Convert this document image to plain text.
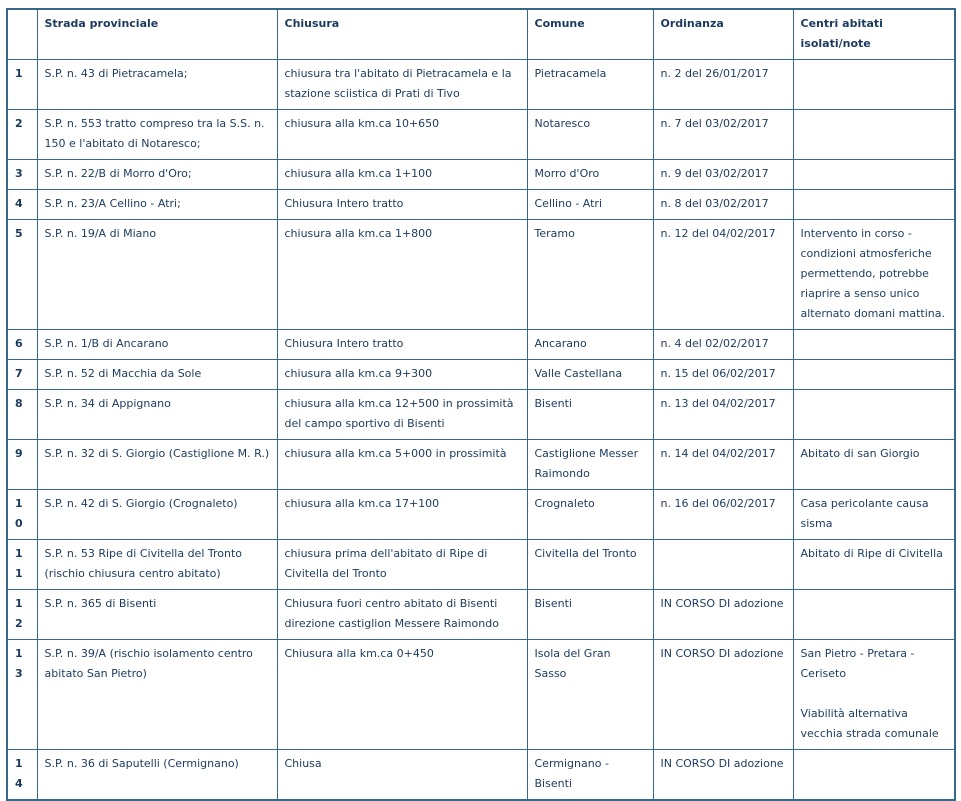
	Strada provinciale	Chiusura	Comune	Ordinanza	Centri abitati isolati/note
1	S.P. n. 43 di Pietracamela;	chiusura tra l'abitato di Pietracamela e la stazione sciistica di Prati di Tivo	Pietracamela	n. 2 del 26/01/2017	
2	S.P. n. 553 tratto compreso tra la S.S. n. 150 e l'abitato di Notaresco;	chiusura alla km.ca 10+650	Notaresco	n. 7 del 03/02/2017	
3	S.P. n. 22/B di Morro d'Oro;	chiusura alla km.ca 1+100	Morro d'Oro	n. 9 del 03/02/2017	
4	S.P. n. 23/A Cellino - Atri;	Chiusura Intero tratto	Cellino - Atri	n. 8 del 03/02/2017	
5	S.P. n. 19/A di Miano	chiusura alla km.ca 1+800	Teramo	n. 12 del 04/02/2017	Intervento in corso - condizioni atmosferiche permettendo, potrebbe riaprire a senso unico alternato domani mattina.

6	S.P. n. 1/B di Ancarano	Chiusura Intero tratto	Ancarano	n. 4 del 02/02/2017	
7	S.P. n. 52 di Macchia da Sole	chiusura alla km.ca 9+300	Valle Castellana	n. 15 del 06/02/2017	
8	S.P. n. 34 di Appignano	chiusura alla km.ca 12+500 in prossimità del campo sportivo di Bisenti	Bisenti	n. 13 del 04/02/2017	
9	S.P. n. 32 di S. Giorgio (Castiglione M. R.)	chiusura alla km.ca 5+000 in prossimità	Castiglione Messer Raimondo	n. 14 del 04/02/2017	Abitato di san Giorgio

10	S.P. n. 42 di S. Giorgio (Crognaleto)	chiusura alla km.ca 17+100	Crognaleto	n. 16 del 06/02/2017	Casa pericolante causa sisma

11	S.P. n. 53 Ripe di Civitella del Tronto (rischio chiusura centro abitato)	chiusura prima dell'abitato di Ripe di Civitella del Tronto	Civitella del Tronto		Abitato di Ripe di Civitella

12	S.P. n. 365 di Bisenti	Chiusura fuori centro abitato di Bisenti direzione castiglion Messere Raimondo	Bisenti	IN CORSO DI adozione	
13	S.P. n. 39/A (rischio isolamento centro abitato San Pietro)	Chiusura alla km.ca 0+450	Isola del Gran Sasso	IN CORSO DI adozione	San Pietro - Pretara - Ceriseto

Viabilità alternativa vecchia strada comunale

14	S.P. n. 36 di Saputelli (Cermignano)	Chiusa	Cermignano - Bisenti	IN CORSO DI adozione	
